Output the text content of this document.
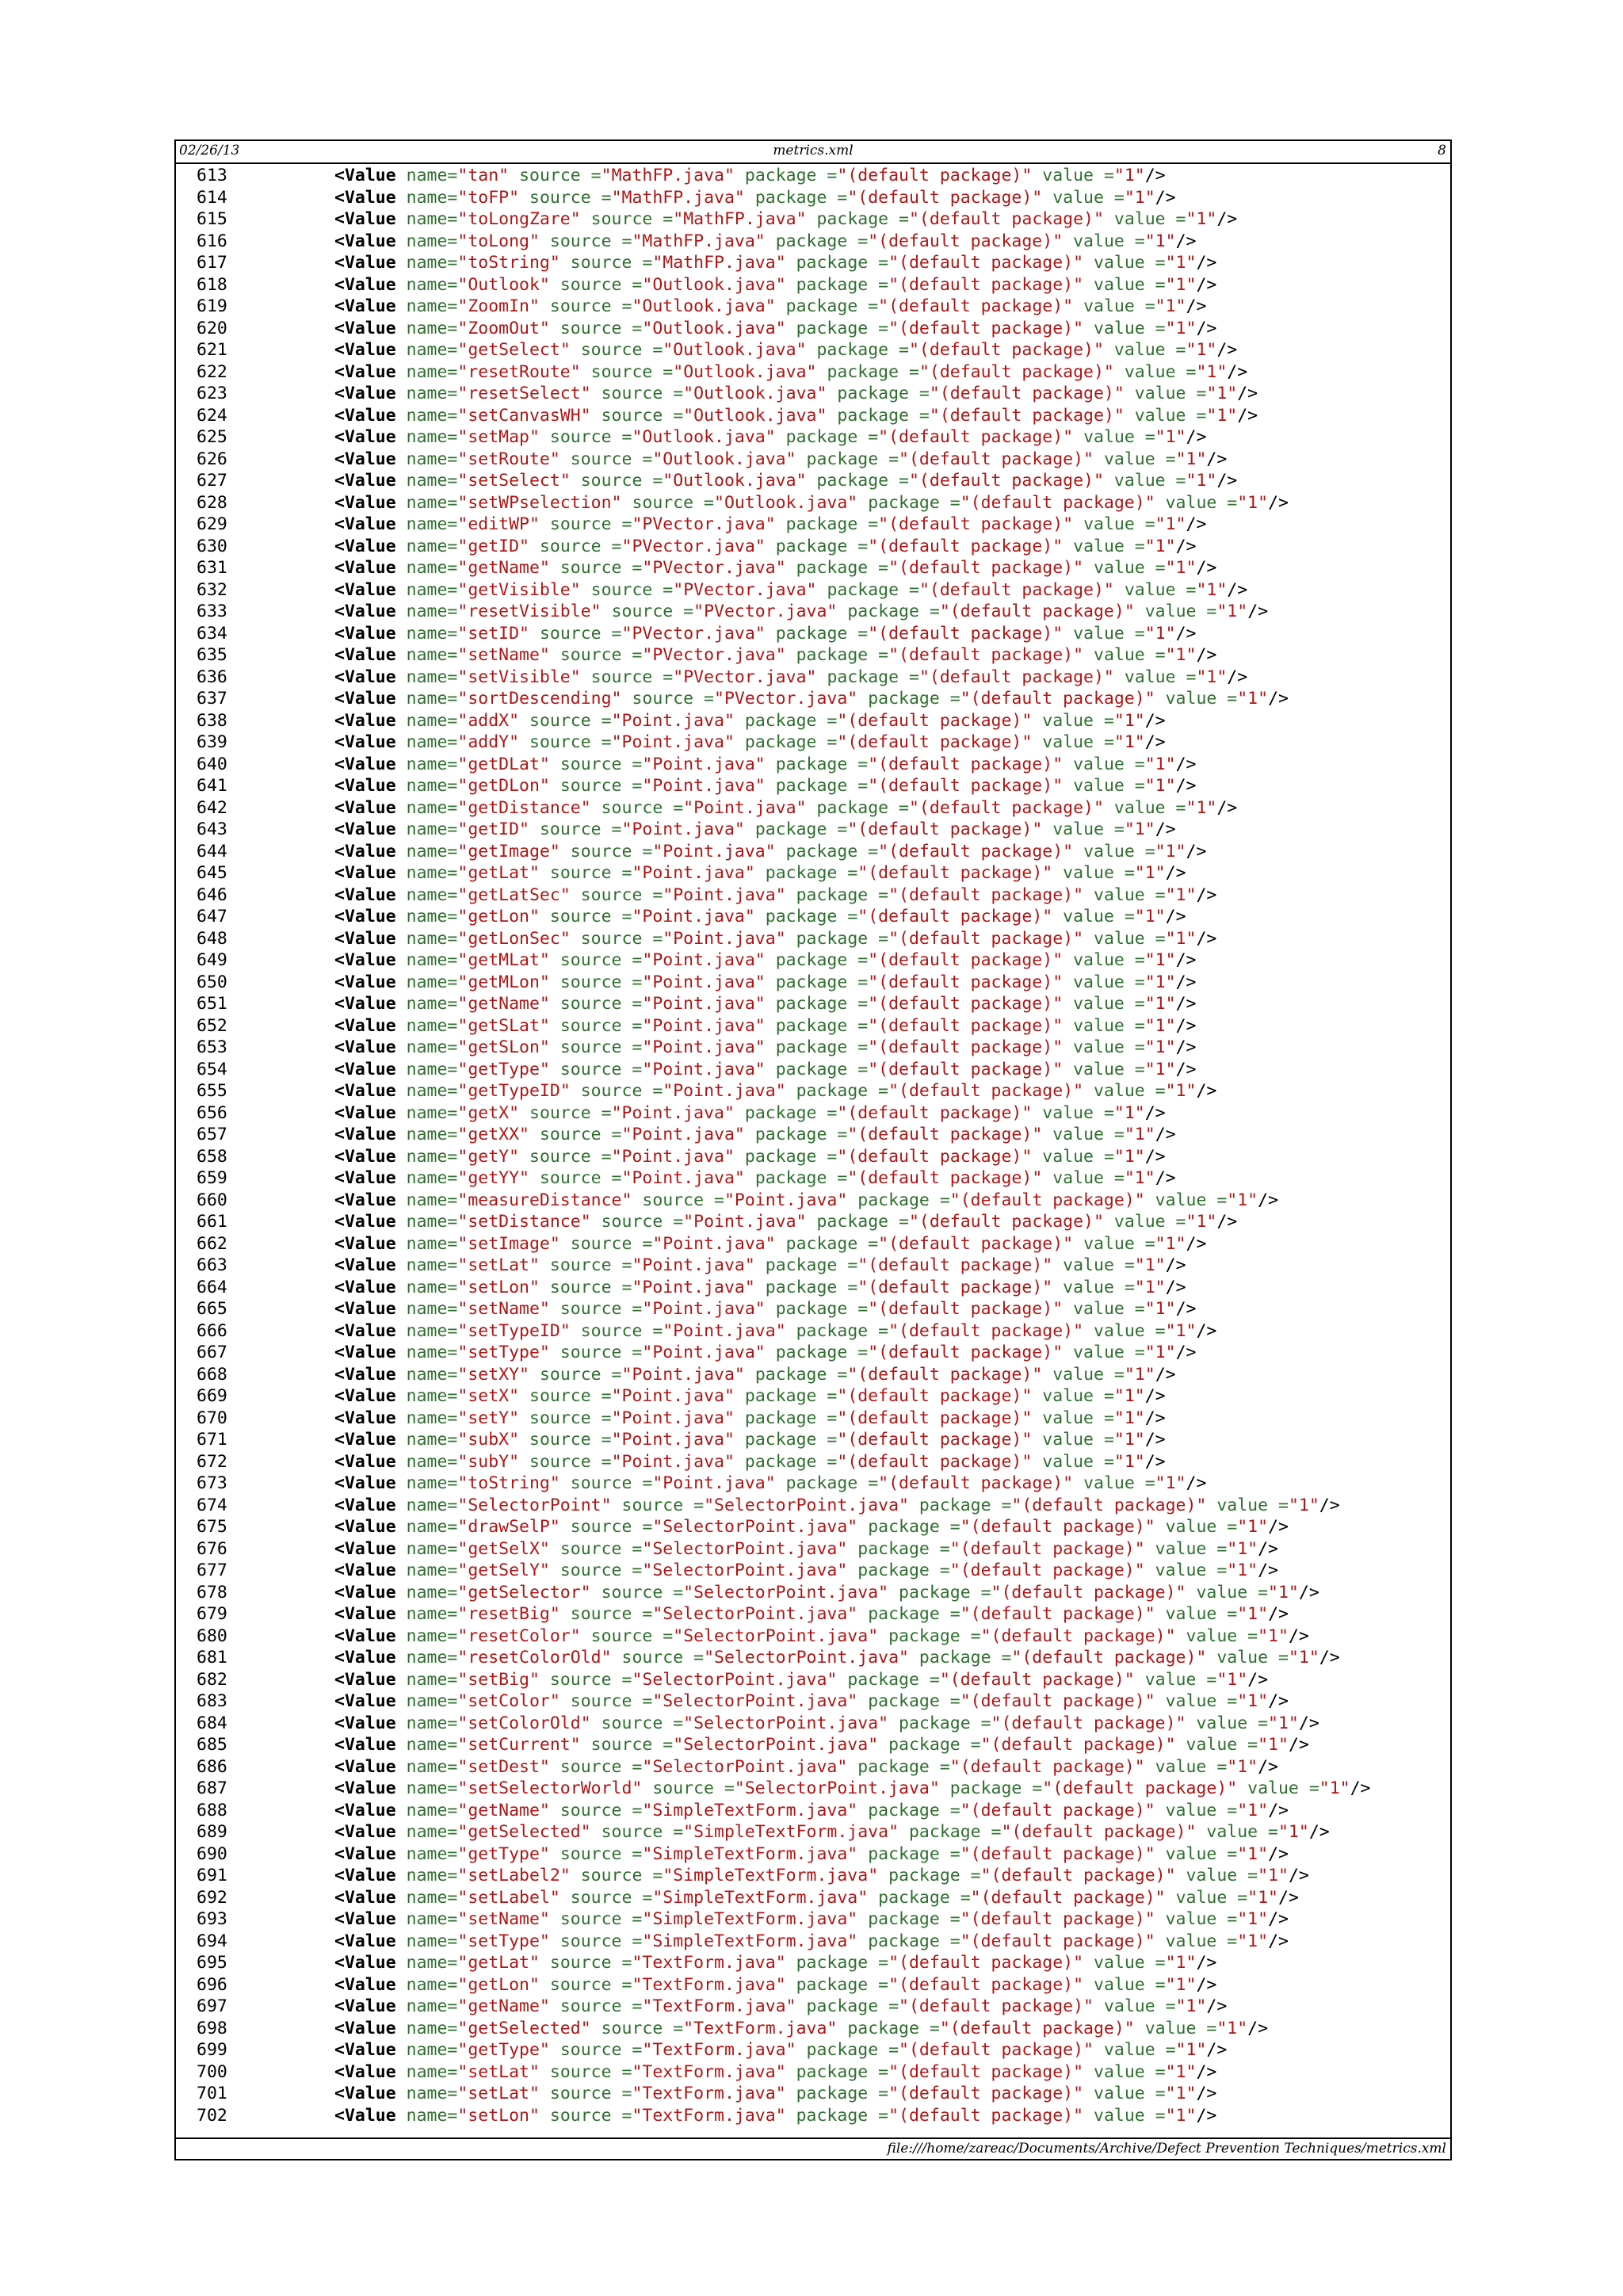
02/26/13	metrics.xml	8
613	<Value name="tan" source ="MathFP.java" package ="(default package)" value ="1"/>
614	<Value name="toFP" source ="MathFP.java" package ="(default package)" value ="1"/>
615	<Value name="toLongZare" source ="MathFP.java" package ="(default package)" value ="1"/>
616	<Value name="toLong" source ="MathFP.java" package ="(default package)" value ="1"/>
617	<Value name="toString" source ="MathFP.java" package ="(default package)" value ="1"/>
618	<Value name="Outlook" source ="Outlook.java" package ="(default package)" value ="1"/>
619	<Value name="ZoomIn" source ="Outlook.java" package ="(default package)" value ="1"/>
620	<Value name="ZoomOut" source ="Outlook.java" package ="(default package)" value ="1"/>
621	<Value name="getSelect" source ="Outlook.java" package ="(default package)" value ="1"/>
622	<Value name="resetRoute" source ="Outlook.java" package ="(default package)" value ="1"/>
623	<Value name="resetSelect" source ="Outlook.java" package ="(default package)" value ="1"/>
624	<Value name="setCanvasWH" source ="Outlook.java" package ="(default package)" value ="1"/>
625	<Value name="setMap" source ="Outlook.java" package ="(default package)" value ="1"/>
626	<Value name="setRoute" source ="Outlook.java" package ="(default package)" value ="1"/>
627	<Value name="setSelect" source ="Outlook.java" package ="(default package)" value ="1"/>
628	<Value name="setWPselection" source ="Outlook.java" package ="(default package)" value ="1"/>
629	<Value name="editWP" source ="PVector.java" package ="(default package)" value ="1"/>
630	<Value name="getID" source ="PVector.java" package ="(default package)" value ="1"/>
631	<Value name="getName" source ="PVector.java" package ="(default package)" value ="1"/>
632	<Value name="getVisible" source ="PVector.java" package ="(default package)" value ="1"/>
633	<Value name="resetVisible" source ="PVector.java" package ="(default package)" value ="1"/>
634	<Value name="setID" source ="PVector.java" package ="(default package)" value ="1"/>
635	<Value name="setName" source ="PVector.java" package ="(default package)" value ="1"/>
636	<Value name="setVisible" source ="PVector.java" package ="(default package)" value ="1"/>
637	<Value name="sortDescending" source ="PVector.java" package ="(default package)" value ="1"/>
638	<Value name="addX" source ="Point.java" package ="(default package)" value ="1"/>
639	<Value name="addY" source ="Point.java" package ="(default package)" value ="1"/>
640	<Value name="getDLat" source ="Point.java" package ="(default package)" value ="1"/>
641	<Value name="getDLon" source ="Point.java" package ="(default package)" value ="1"/>
642	<Value name="getDistance" source ="Point.java" package ="(default package)" value ="1"/>
643	<Value name="getID" source ="Point.java" package ="(default package)" value ="1"/>
644	<Value name="getImage" source ="Point.java" package ="(default package)" value ="1"/>
645	<Value name="getLat" source ="Point.java" package ="(default package)" value ="1"/>
646	<Value name="getLatSec" source ="Point.java" package ="(default package)" value ="1"/>
647	<Value name="getLon" source ="Point.java" package ="(default package)" value ="1"/>
648	<Value name="getLonSec" source ="Point.java" package ="(default package)" value ="1"/>
649	<Value name="getMLat" source ="Point.java" package ="(default package)" value ="1"/>
650	<Value name="getMLon" source ="Point.java" package ="(default package)" value ="1"/>
651	<Value name="getName" source ="Point.java" package ="(default package)" value ="1"/>
652	<Value name="getSLat" source ="Point.java" package ="(default package)" value ="1"/>
653	<Value name="getSLon" source ="Point.java" package ="(default package)" value ="1"/>
654	<Value name="getType" source ="Point.java" package ="(default package)" value ="1"/>
655	<Value name="getTypeID" source ="Point.java" package ="(default package)" value ="1"/>
656	<Value name="getX" source ="Point.java" package ="(default package)" value ="1"/>
657	<Value name="getXX" source ="Point.java" package ="(default package)" value ="1"/>
658	<Value name="getY" source ="Point.java" package ="(default package)" value ="1"/>
659	<Value name="getYY" source ="Point.java" package ="(default package)" value ="1"/>
660	<Value name="measureDistance" source ="Point.java" package ="(default package)" value ="1"/>
661	<Value name="setDistance" source ="Point.java" package ="(default package)" value ="1"/>
662	<Value name="setImage" source ="Point.java" package ="(default package)" value ="1"/>
663	<Value name="setLat" source ="Point.java" package ="(default package)" value ="1"/>
664	<Value name="setLon" source ="Point.java" package ="(default package)" value ="1"/>
665	<Value name="setName" source ="Point.java" package ="(default package)" value ="1"/>
666	<Value name="setTypeID" source ="Point.java" package ="(default package)" value ="1"/>
667	<Value name="setType" source ="Point.java" package ="(default package)" value ="1"/>
668	<Value name="setXY" source ="Point.java" package ="(default package)" value ="1"/>
669	<Value name="setX" source ="Point.java" package ="(default package)" value ="1"/>
670	<Value name="setY" source ="Point.java" package ="(default package)" value ="1"/>
671	<Value name="subX" source ="Point.java" package ="(default package)" value ="1"/>
672	<Value name="subY" source ="Point.java" package ="(default package)" value ="1"/>
673	<Value name="toString" source ="Point.java" package ="(default package)" value ="1"/>
674	<Value name="SelectorPoint" source ="SelectorPoint.java" package ="(default package)" value ="1"/>
675	<Value name="drawSelP" source ="SelectorPoint.java" package ="(default package)" value ="1"/>
676	<Value name="getSelX" source ="SelectorPoint.java" package ="(default package)" value ="1"/>
677	<Value name="getSelY" source ="SelectorPoint.java" package ="(default package)" value ="1"/>
678	<Value name="getSelector" source ="SelectorPoint.java" package ="(default package)" value ="1"/>
679	<Value name="resetBig" source ="SelectorPoint.java" package ="(default package)" value ="1"/>
680	<Value name="resetColor" source ="SelectorPoint.java" package ="(default package)" value ="1"/>
681	<Value name="resetColorOld" source ="SelectorPoint.java" package ="(default package)" value ="1"/>
682	<Value name="setBig" source ="SelectorPoint.java" package ="(default package)" value ="1"/>
683	<Value name="setColor" source ="SelectorPoint.java" package ="(default package)" value ="1"/>
684	<Value name="setColorOld" source ="SelectorPoint.java" package ="(default package)" value ="1"/>
685	<Value name="setCurrent" source ="SelectorPoint.java" package ="(default package)" value ="1"/>
686	<Value name="setDest" source ="SelectorPoint.java" package ="(default package)" value ="1"/>
687	<Value name="setSelectorWorld" source ="SelectorPoint.java" package ="(default package)" value ="1"/>
688	<Value name="getName" source ="SimpleTextForm.java" package ="(default package)" value ="1"/>
689	<Value name="getSelected" source ="SimpleTextForm.java" package ="(default package)" value ="1"/>
690	<Value name="getType" source ="SimpleTextForm.java" package ="(default package)" value ="1"/>
691	<Value name="setLabel2" source ="SimpleTextForm.java" package ="(default package)" value ="1"/>
692	<Value name="setLabel" source ="SimpleTextForm.java" package ="(default package)" value ="1"/>
693	<Value name="setName" source ="SimpleTextForm.java" package ="(default package)" value ="1"/>
694	<Value name="setType" source ="SimpleTextForm.java" package ="(default package)" value ="1"/>
695	<Value name="getLat" source ="TextForm.java" package ="(default package)" value ="1"/>
696	<Value name="getLon" source ="TextForm.java" package ="(default package)" value ="1"/>
697	<Value name="getName" source ="TextForm.java" package ="(default package)" value ="1"/>
698	<Value name="getSelected" source ="TextForm.java" package ="(default package)" value ="1"/>
699	<Value name="getType" source ="TextForm.java" package ="(default package)" value ="1"/>
700	<Value name="setLat" source ="TextForm.java" package ="(default package)" value ="1"/>
701	<Value name="setLat" source ="TextForm.java" package ="(default package)" value ="1"/>
702	<Value name="setLon" source ="TextForm.java" package ="(default package)" value ="1"/>
file:///home/zareac/Documents/Archive/Defect Prevention Techniques/metrics.xml
